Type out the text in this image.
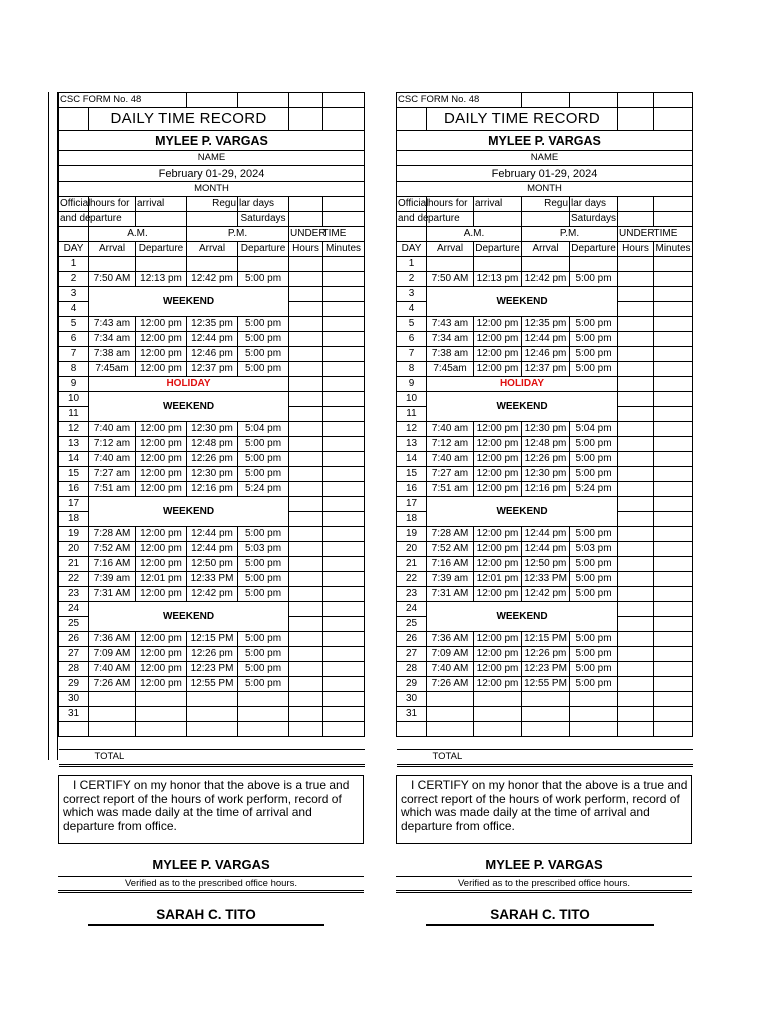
CSC FORM No. 48						
	DAILY TIME RECORD					
MYLEE P. VARGAS						
NAME						
February 01-29, 2024						
MONTH						
Official	hours for	arrival	Regu	lar days		
and de	parture			Saturdays		
	A.M.		P.M.		UNDER	TIME
DAY	Arrval	Departure	Arrval	Departure	Hours	Minutes
1						
2	7:50 AM	12:13 pm	12:42 pm	5:00 pm		
3	WEEKEND					
4						
5	7:43 am	12:00 pm	12:35 pm	5:00 pm		
6	7:34 am	12:00 pm	12:44 pm	5:00 pm		
7	7:38 am	12:00 pm	12:46 pm	5:00 pm		
8	7:45am	12:00 pm	12:37 pm	5:00 pm		
9	HOLIDAY					
10	WEEKEND					
11						
12	7:40 am	12:00 pm	12:30 pm	5:04 pm		
13	7:12 am	12:00 pm	12:48 pm	5:00 pm		
14	7:40 am	12:00 pm	12:26 pm	5:00 pm		
15	7:27 am	12:00 pm	12:30 pm	5:00 pm		
16	7:51 am	12:00 pm	12:16 pm	5:24 pm		
17	WEEKEND					
18						
19	7:28 AM	12:00 pm	12:44 pm	5:00 pm		
20	7:52 AM	12:00 pm	12:44 pm	5:03 pm		
21	7:16 AM	12:00 pm	12:50 pm	5:00 pm		
22	7:39 am	12:01 pm	12:33 PM	5:00 pm		
23	7:31 AM	12:00 pm	12:42 pm	5:00 pm		
24	WEEKEND					
25						
26	7:36 AM	12:00 pm	12:15 PM	5:00 pm		
27	7:09 AM	12:00 pm	12:26 pm	5:00 pm		
28	7:40 AM	12:00 pm	12:23 PM	5:00 pm		
29	7:26 AM	12:00 pm	12:55 PM	5:00 pm		
30						
31						

TOTAL						
CSC FORM No. 48						
	DAILY TIME RECORD					
MYLEE P. VARGAS						
NAME						
February 01-29, 2024						
MONTH						
Official	hours for	arrival	Regu	lar days		
and de	parture			Saturdays		
	A.M.		P.M.		UNDER	TIME
DAY	Arrval	Departure	Arrval	Departure	Hours	Minutes
1						
2	7:50 AM	12:13 pm	12:42 pm	5:00 pm		
3	WEEKEND					
4						
5	7:43 am	12:00 pm	12:35 pm	5:00 pm		
6	7:34 am	12:00 pm	12:44 pm	5:00 pm		
7	7:38 am	12:00 pm	12:46 pm	5:00 pm		
8	7:45am	12:00 pm	12:37 pm	5:00 pm		
9	HOLIDAY					
10	WEEKEND					
11						
12	7:40 am	12:00 pm	12:30 pm	5:04 pm		
13	7:12 am	12:00 pm	12:48 pm	5:00 pm		
14	7:40 am	12:00 pm	12:26 pm	5:00 pm		
15	7:27 am	12:00 pm	12:30 pm	5:00 pm		
16	7:51 am	12:00 pm	12:16 pm	5:24 pm		
17	WEEKEND					
18						
19	7:28 AM	12:00 pm	12:44 pm	5:00 pm		
20	7:52 AM	12:00 pm	12:44 pm	5:03 pm		
21	7:16 AM	12:00 pm	12:50 pm	5:00 pm		
22	7:39 am	12:01 pm	12:33 PM	5:00 pm		
23	7:31 AM	12:00 pm	12:42 pm	5:00 pm		
24	WEEKEND					
25						
26	7:36 AM	12:00 pm	12:15 PM	5:00 pm		
27	7:09 AM	12:00 pm	12:26 pm	5:00 pm		
28	7:40 AM	12:00 pm	12:23 PM	5:00 pm		
29	7:26 AM	12:00 pm	12:55 PM	5:00 pm		
30						
31						

TOTAL						

I CERTIFY on my honor that the above is a true and correct report of the hours of work perform, record of which was made daily at the time of arrival and departure from office.

I CERTIFY on my honor that the above is a true and correct report of the hours of work perform, record of which was made daily at the time of arrival and departure from office.

MYLEE P. VARGAS
Verified as to the prescribed office hours.
SARAH C. TITO
MYLEE P. VARGAS
Verified as to the prescribed office hours.
SARAH C. TITO
